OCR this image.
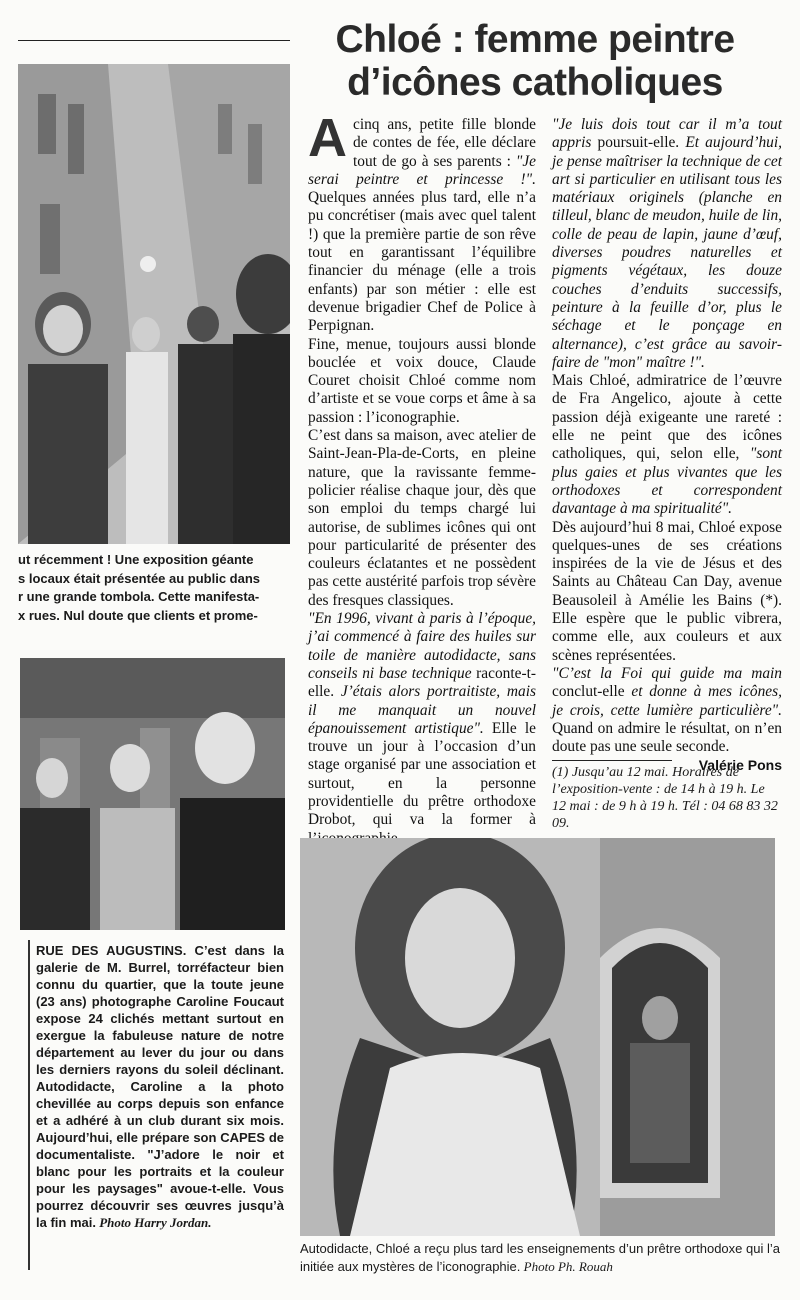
Chloé : femme peintre
d’icônes catholiques

ut récemment ! Une exposition géante

s locaux était présentée au public dans

r une grande tombola. Cette manifesta-

x rues. Nul doute que clients et prome-

RUE DES AUGUSTINS. C’est dans la galerie de M. Burrel, torréfacteur bien connu du quartier, que la toute jeune (23 ans) photographe Caroline Foucaut expose 24 clichés mettant surtout en exergue la fabuleuse nature de notre département au lever du jour ou dans les derniers rayons du soleil déclinant. Autodidacte, Caroline a la photo chevillée au corps depuis son enfance et a adhéré à un club durant six mois. Aujourd’hui, elle prépare son CAPES de documentaliste. "J’adore le noir et blanc pour les portraits et la couleur pour les paysages" avoue-t-elle. Vous pourrez découvrir ses œuvres jusqu’à la fin mai. Photo Harry Jordan.

A cinq ans, petite fille blonde de contes de fée, elle déclare tout de go à ses parents : "Je serai peintre et princesse !". Quelques années plus tard, elle n’a pu concrétiser (mais avec quel talent !) que la première partie de son rêve tout en garantissant l’équilibre financier du ménage (elle a trois enfants) par son métier : elle est devenue brigadier Chef de Police à Perpignan.

Fine, menue, toujours aussi blonde bouclée et voix douce, Claude Couret choisit Chloé comme nom d’artiste et se voue corps et âme à sa passion : l’iconographie.

C’est dans sa maison, avec atelier de Saint-Jean-Pla-de-Corts, en pleine nature, que la ravissante femme-policier réalise chaque jour, dès que son emploi du temps chargé lui autorise, de sublimes icônes qui ont pour particularité de présenter des couleurs éclatantes et ne possèdent pas cette austérité parfois trop sévère des fresques classiques.

"En 1996, vivant à paris à l’époque, j’ai commencé à faire des huiles sur toile de manière autodidacte, sans conseils ni base technique raconte-t-elle. J’étais alors portraitiste, mais il me manquait un nouvel épanouissement artistique". Elle le trouve un jour à l’occasion d’un stage organisé par une association et surtout, en la personne providentielle du prêtre orthodoxe Drobot, qui va la former à

"Je luis dois tout car il m’a tout appris poursuit-elle. Et aujourd’hui, je pense maîtriser la technique de cet art si particulier en utilisant tous les matériaux originels (planche en tilleul, blanc de meudon, huile de lin, colle de peau de lapin, jaune d’œuf, diverses poudres naturelles et pigments végétaux, les douze couches d’enduits successifs, peinture à la feuille d’or, plus le séchage et le ponçage en alternance), c’est grâce au savoir-faire de "mon" maître !".

Mais Chloé, admiratrice de l’œuvre de Fra Angelico, ajoute à cette passion déjà exigeante une rareté : elle ne peint que des icônes catholiques, qui, selon elle, "sont plus gaies et plus vivantes que les orthodoxes et correspondent davantage à ma spiritualité".

Dès aujourd’hui 8 mai, Chloé expose quelques-unes de ses créations inspirées de la vie de Jésus et des Saints au Château Can Day, avenue Beausoleil à Amélie les Bains (*). Elle espère que le public vibrera, comme elle, aux couleurs et aux scènes représentées.

"C’est la Foi qui guide ma main conclut-elle et donne à mes icônes, je crois, cette lumière particulière". Quand on admire le résultat, on n’en doute pas une seule seconde.

Valérie Pons

(1) Jusqu’au 12 mai. Horaires de l’exposition-vente : de 14 h à 19 h. Le 12 mai : de 9 h à 19 h. Tél : 04 68 83 32 09.

Autodidacte, Chloé a reçu plus tard les enseignements d’un prêtre orthodoxe qui l’a initiée aux mystères de l’iconographie. Photo Ph. Rouah
